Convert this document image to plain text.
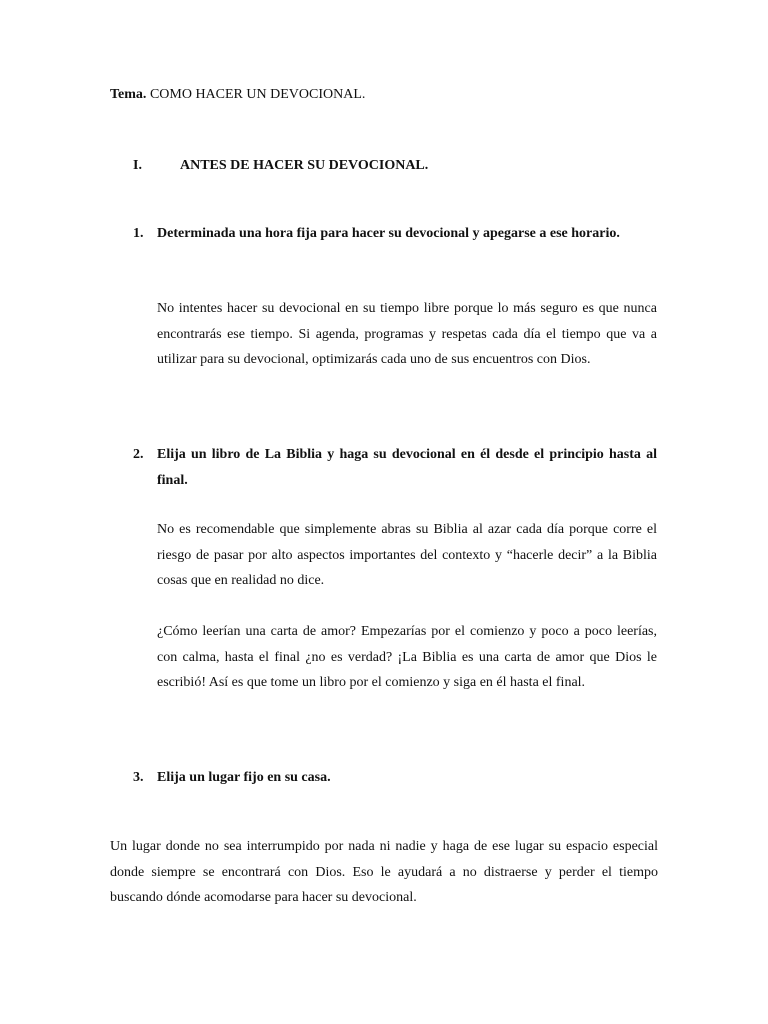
Tema. COMO HACER UN DEVOCIONAL.
I.	ANTES DE HACER SU DEVOCIONAL.
1. Determinada una hora fija para hacer su devocional y apegarse a ese horario.
No intentes hacer su devocional en su tiempo libre porque lo más seguro es que nunca encontrarás ese tiempo. Si agenda, programas y respetas cada día el tiempo que va a utilizar para su devocional, optimizarás cada uno de sus encuentros con Dios.
2. Elija un libro de La Biblia y haga su devocional en él desde el principio hasta al final.
No es recomendable que simplemente abras su Biblia al azar cada día porque corre el riesgo de pasar por alto aspectos importantes del contexto y “hacerle decir” a la Biblia cosas que en realidad no dice.
¿Cómo leerían una carta de amor? Empezarías por el comienzo y poco a poco leerías, con calma, hasta el final ¿no es verdad? ¡La Biblia es una carta de amor que Dios le escribió! Así es que tome un libro por el comienzo y siga en él hasta el final.
3. Elija un lugar fijo en su casa.
Un lugar donde no sea interrumpido por nada ni nadie y haga de ese lugar su espacio especial donde siempre se encontrará con Dios. Eso le ayudará a no distraerse y perder el tiempo buscando dónde acomodarse para hacer su devocional.
